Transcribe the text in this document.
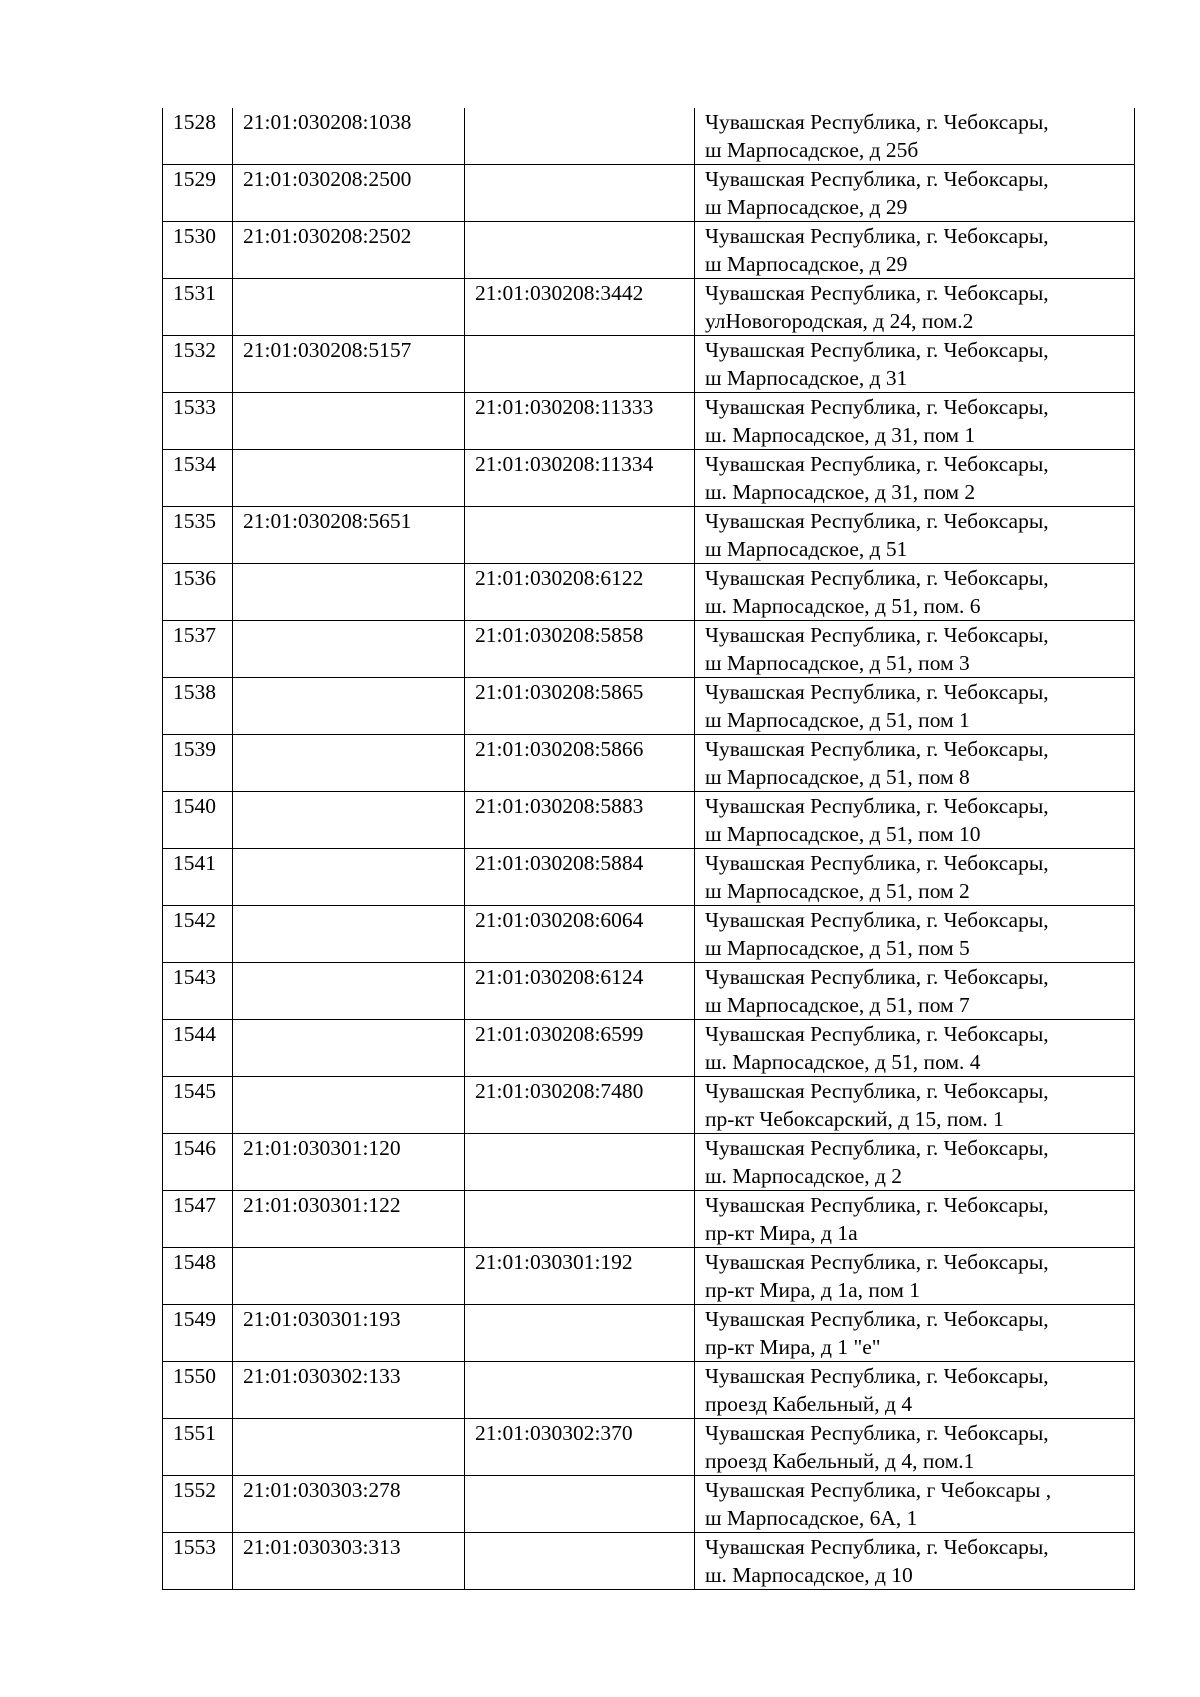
1528	21:01:030208:1038		Чувашская Республика, г. Чебоксары,
ш Марпосадское, д 25б

1529	21:01:030208:2500		Чувашская Республика, г. Чебоксары,
ш Марпосадское, д 29

1530	21:01:030208:2502		Чувашская Республика, г. Чебоксары,
ш Марпосадское, д 29

1531		21:01:030208:3442	Чувашская Республика, г. Чебоксары,
улНовогородская, д 24, пом.2

1532	21:01:030208:5157		Чувашская Республика, г. Чебоксары,
ш Марпосадское, д 31

1533		21:01:030208:11333	Чувашская Республика, г. Чебоксары,
ш. Марпосадское, д 31, пом 1

1534		21:01:030208:11334	Чувашская Республика, г. Чебоксары,
ш. Марпосадское, д 31, пом 2

1535	21:01:030208:5651		Чувашская Республика, г. Чебоксары,
ш Марпосадское, д 51

1536		21:01:030208:6122	Чувашская Республика, г. Чебоксары,
ш. Марпосадское, д 51, пом. 6

1537		21:01:030208:5858	Чувашская Республика, г. Чебоксары,
ш Марпосадское, д 51, пом 3

1538		21:01:030208:5865	Чувашская Республика, г. Чебоксары,
ш Марпосадское, д 51, пом 1

1539		21:01:030208:5866	Чувашская Республика, г. Чебоксары,
ш Марпосадское, д 51, пом 8

1540		21:01:030208:5883	Чувашская Республика, г. Чебоксары,
ш Марпосадское, д 51, пом 10

1541		21:01:030208:5884	Чувашская Республика, г. Чебоксары,
ш Марпосадское, д 51, пом 2

1542		21:01:030208:6064	Чувашская Республика, г. Чебоксары,
ш Марпосадское, д 51, пом 5

1543		21:01:030208:6124	Чувашская Республика, г. Чебоксары,
ш Марпосадское, д 51, пом 7

1544		21:01:030208:6599	Чувашская Республика, г. Чебоксары,
ш. Марпосадское, д 51, пом. 4

1545		21:01:030208:7480	Чувашская Республика, г. Чебоксары,
пр-кт Чебоксарский, д 15, пом. 1

1546	21:01:030301:120		Чувашская Республика, г. Чебоксары,
ш. Марпосадское, д 2

1547	21:01:030301:122		Чувашская Республика, г. Чебоксары,
пр-кт Мира, д 1а

1548		21:01:030301:192	Чувашская Республика, г. Чебоксары,
пр-кт Мира, д 1а, пом 1

1549	21:01:030301:193		Чувашская Республика, г. Чебоксары,
пр-кт Мира, д 1 "е"

1550	21:01:030302:133		Чувашская Республика, г. Чебоксары,
проезд Кабельный, д 4

1551		21:01:030302:370	Чувашская Республика, г. Чебоксары,
проезд Кабельный, д 4, пом.1

1552	21:01:030303:278		Чувашская Республика, г Чебоксары ,
ш Марпосадское, 6А, 1

1553	21:01:030303:313		Чувашская Республика, г. Чебоксары,
ш. Марпосадское, д 10
